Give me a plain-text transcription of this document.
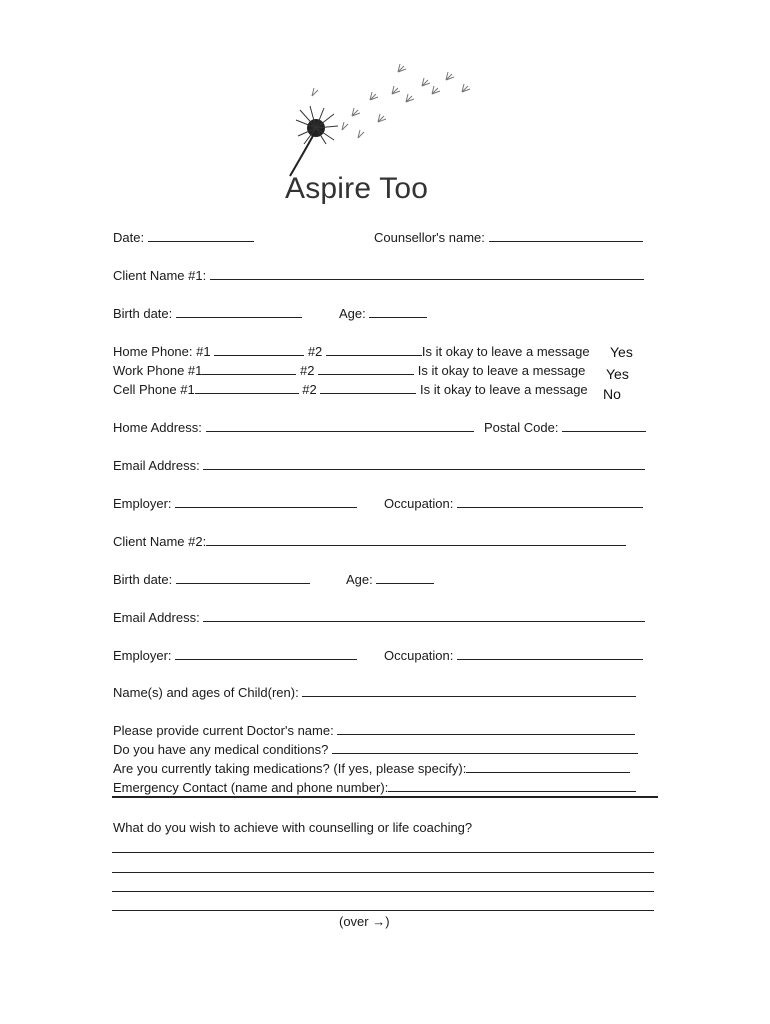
Aspire Too
Date:	Counsellor's name:
Client Name #1:
Birth date:	Age:
Home Phone: #1	#2	Is it okay to leave a message Yes
Work Phone #1	#2	Is it okay to leave a message Yes
Cell Phone #1	#2	Is it okay to leave a message No
Home Address:	Postal Code:
Email Address:
Employer:	Occupation:
Client Name #2:
Birth date:	Age:
Email Address:
Employer:	Occupation:
Name(s) and ages of Child(ren):
Please provide current Doctor's name:
Do you have any medical conditions?
Are you currently taking medications? (If yes, please specify):
Emergency Contact (name and phone number):
What do you wish to achieve with counselling or life coaching?
(over →)
